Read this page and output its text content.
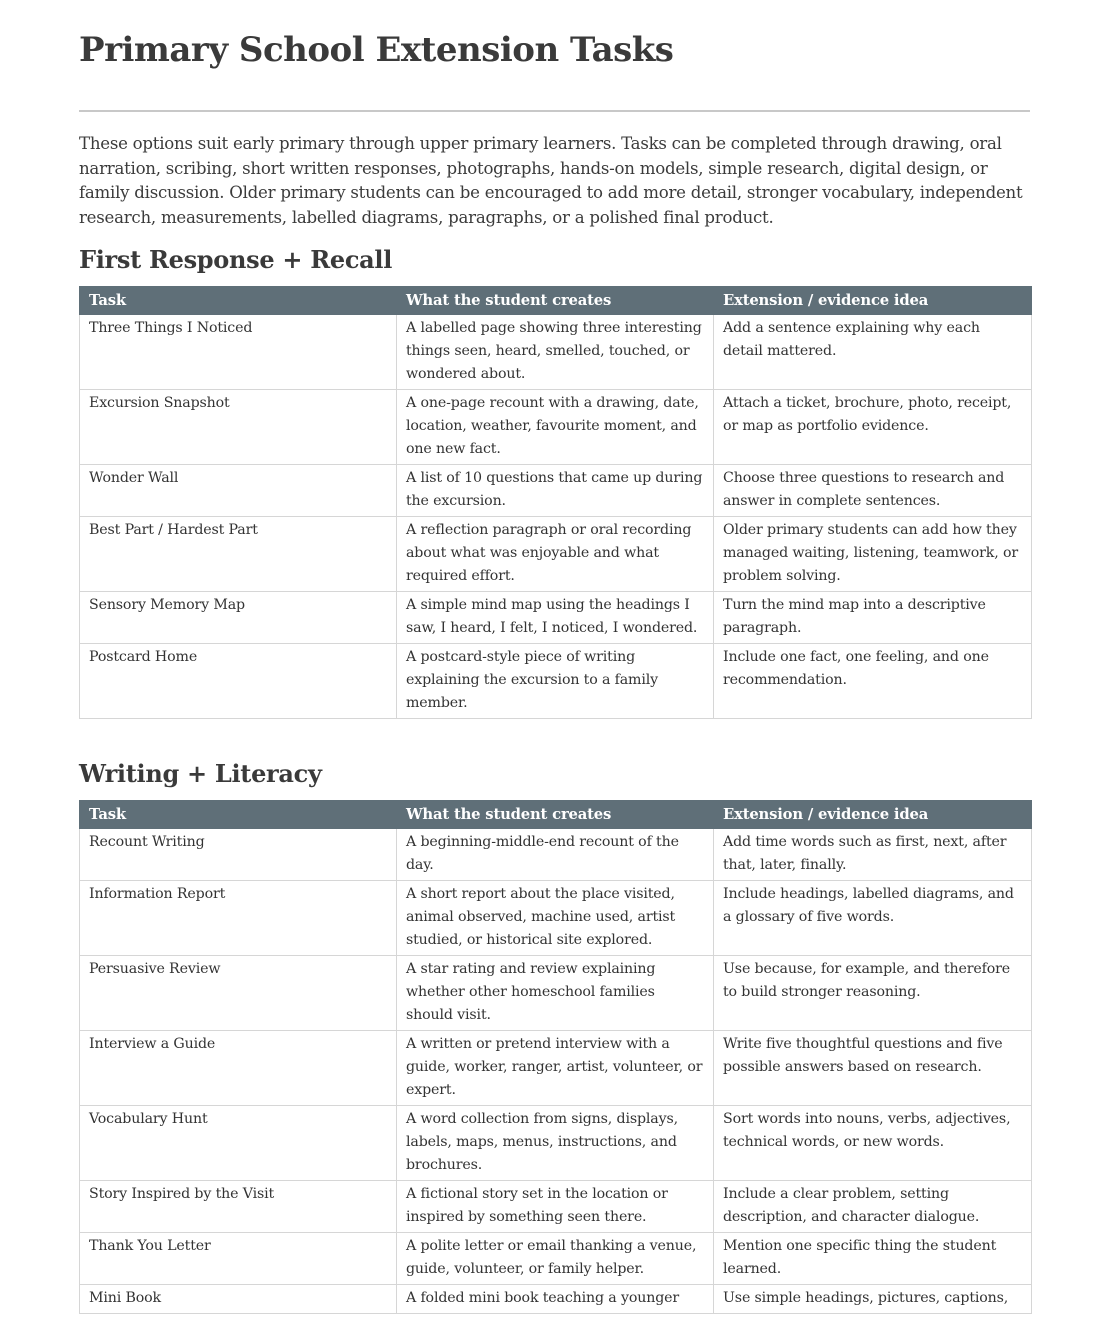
Primary School Extension Tasks

These options suit early primary through upper primary learners. Tasks can be completed through drawing, oral narration, scribing, short written responses, photographs, hands-on models, simple research, digital design, or family discussion. Older primary students can be encouraged to add more detail, stronger vocabulary, independent research, measurements, labelled diagrams, paragraphs, or a polished final product.

First Response + Recall
Task	What the student creates	Extension / evidence idea
Three Things I Noticed	A labelled page showing three interesting things seen, heard, smelled, touched, or wondered about.	Add a sentence explaining why each detail mattered.
Excursion Snapshot	A one-page recount with a drawing, date, location, weather, favourite moment, and one new fact.	Attach a ticket, brochure, photo, receipt, or map as portfolio evidence.
Wonder Wall	A list of 10 questions that came up during the excursion.	Choose three questions to research and answer in complete sentences.
Best Part / Hardest Part	A reflection paragraph or oral recording about what was enjoyable and what required effort.	Older primary students can add how they managed waiting, listening, teamwork, or problem solving.
Sensory Memory Map	A simple mind map using the headings I saw, I heard, I felt, I noticed, I wondered.	Turn the mind map into a descriptive paragraph.
Postcard Home	A postcard-style piece of writing explaining the excursion to a family member.	Include one fact, one feeling, and one recommendation.
Writing + Literacy
Task	What the student creates	Extension / evidence idea
Recount Writing	A beginning-middle-end recount of the day.	Add time words such as first, next, after that, later, finally.
Information Report	A short report about the place visited, animal observed, machine used, artist studied, or historical site explored.	Include headings, labelled diagrams, and a glossary of five words.
Persuasive Review	A star rating and review explaining whether other homeschool families should visit.	Use because, for example, and therefore to build stronger reasoning.
Interview a Guide	A written or pretend interview with a guide, worker, ranger, artist, volunteer, or expert.	Write five thoughtful questions and five possible answers based on research.
Vocabulary Hunt	A word collection from signs, displays, labels, maps, menus, instructions, and brochures.	Sort words into nouns, verbs, adjectives, technical words, or new words.
Story Inspired by the Visit	A fictional story set in the location or inspired by something seen there.	Include a clear problem, setting description, and character dialogue.
Thank You Letter	A polite letter or email thanking a venue, guide, volunteer, or family helper.	Mention one specific thing the student learned.
Mini Book	A folded mini book teaching a younger	Use simple headings, pictures, captions,
